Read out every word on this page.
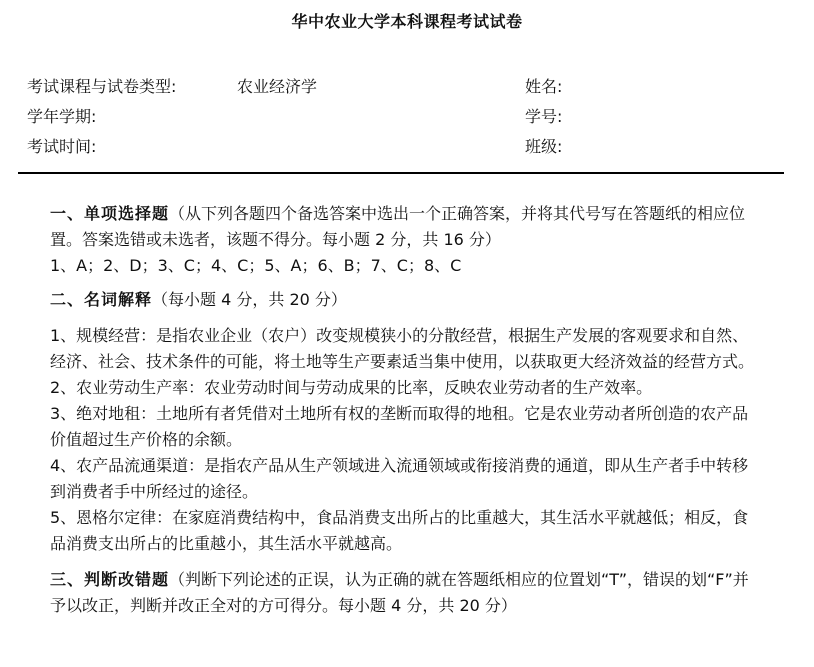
华中农业大学本科课程考试试卷
考试课程与试卷类型:	农业经济学
学年学期:
考试时间:
姓名:
学号:
班级:

一、单项选择题（从下列各题四个备选答案中选出一个正确答案，并将其代号写在答题纸的相应位置。答案选错或未选者，该题不得分。每小题 2 分，共 16 分）

1、A；2、D；3、C；4、C；5、A；6、B；7、C；8、C

二、名词解释（每小题 4 分，共 20 分）

1、规模经营：是指农业企业（农户）改变规模狭小的分散经营，根据生产发展的客观要求和自然、经济、社会、技术条件的可能，将土地等生产要素适当集中使用，以获取更大经济效益的经营方式。

2、农业劳动生产率：农业劳动时间与劳动成果的比率，反映农业劳动者的生产效率。

3、绝对地租：土地所有者凭借对土地所有权的垄断而取得的地租。它是农业劳动者所创造的农产品价值超过生产价格的余额。

4、农产品流通渠道：是指农产品从生产领域进入流通领域或衔接消费的通道，即从生产者手中转移到消费者手中所经过的途径。

5、恩格尔定律：在家庭消费结构中，食品消费支出所占的比重越大，其生活水平就越低；相反，食品消费支出所占的比重越小，其生活水平就越高。

三、判断改错题（判断下列论述的正误，认为正确的就在答题纸相应的位置划“T”，错误的划“F”并予以改正，判断并改正全对的方可得分。每小题 4 分，共 20 分）
